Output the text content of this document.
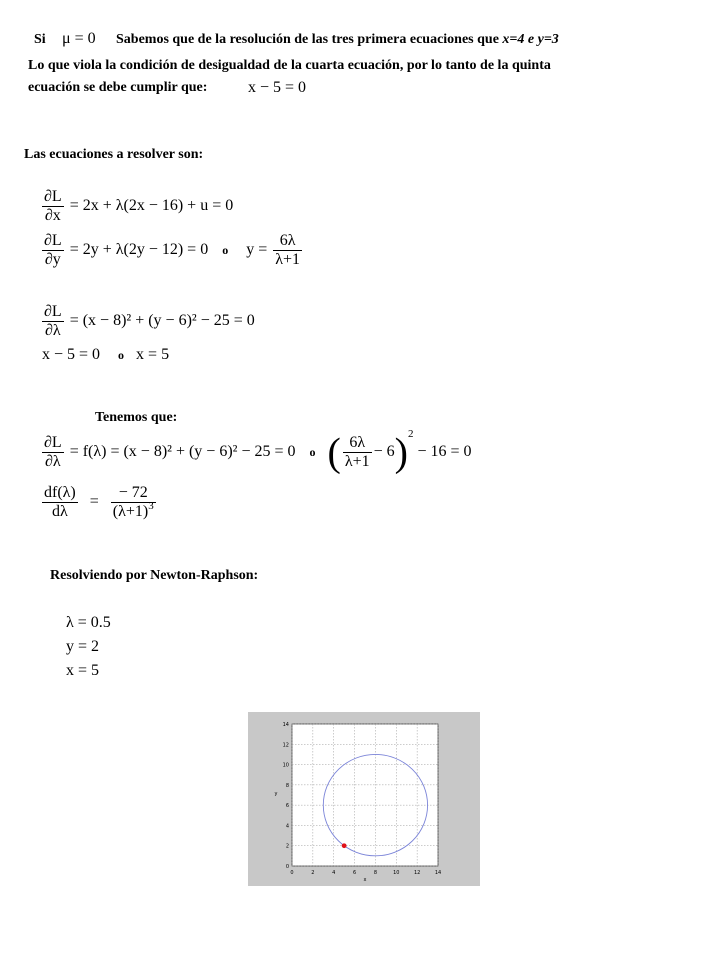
Si μ = 0 Sabemos que de la resolución de las tres primera ecuaciones que x=4 e y=3
Lo que viola la condición de desigualdad de la cuarta ecuación, por lo tanto de la quinta
ecuación se debe cumplir que:	x − 5 = 0
Las ecuaciones a resolver son:
$\frac{\partial L}{\partial x} = 2x + \lambda(2x - 16) + u = 0$
$\frac{\partial L}{\partial y} = 2y + \lambda(2y - 12) = 0$ o $y = \frac{6\lambda}{\lambda+1}$
$\frac{\partial L}{\partial\lambda} = (x - 8)^2 + (y - 6)^2 - 25 = 0$
x − 5 = 0 o x = 5
Tenemos que:
$\frac{\partial L}{\partial\lambda} = f(\lambda) = (x - 8)^2 + (y - 6)^2 - 25 = 0$ o ( $\frac{6\lambda}{\lambda+1} - 6)^2 - 16 = 0$
$\frac{df(\lambda)}{d\lambda} = \frac{- 72}{(\lambda+1)^3}$
Resolviendo por Newton-Raphson:
λ = 0.5
y = 2
x = 5
0	2	4	6	8	10	12	14
0
2
4
6
8
10
12
14
x
y
